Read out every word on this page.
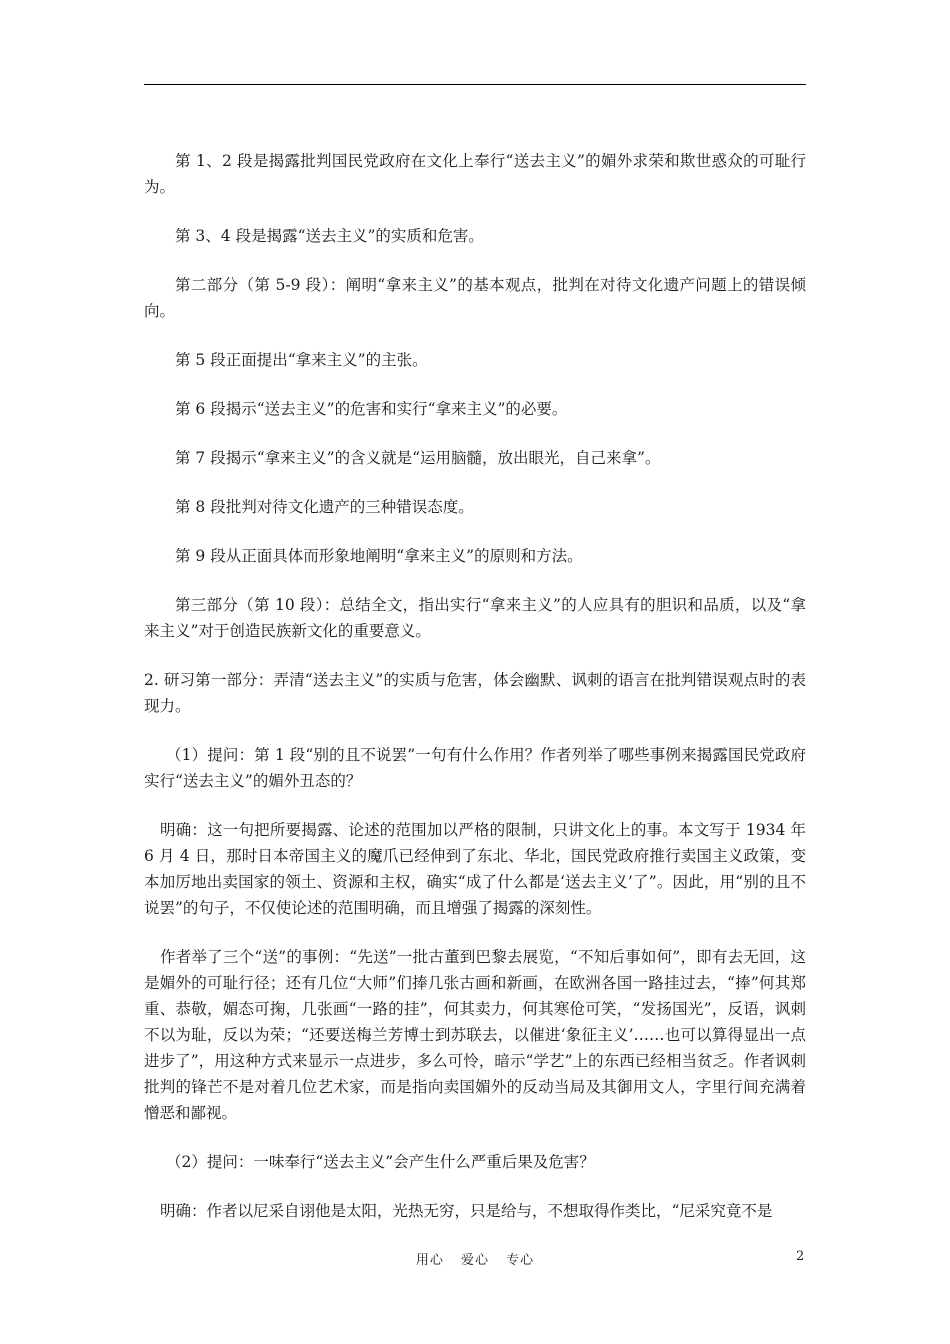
第 1、2 段是揭露批判国民党政府在文化上奉行“送去主义”的媚外求荣和欺世惑众的可耻行为。

第 3、4 段是揭露“送去主义”的实质和危害。

第二部分（第 5-9 段）：阐明“拿来主义”的基本观点，批判在对待文化遗产问题上的错误倾向。

第 5 段正面提出“拿来主义”的主张。

第 6 段揭示“送去主义”的危害和实行“拿来主义”的必要。

第 7 段揭示“拿来主义”的含义就是“运用脑髓，放出眼光，自己来拿”。

第 8 段批判对待文化遗产的三种错误态度。

第 9 段从正面具体而形象地阐明“拿来主义”的原则和方法。

第三部分（第 10 段）：总结全文，指出实行“拿来主义”的人应具有的胆识和品质，以及“拿来主义”对于创造民族新文化的重要意义。

2. 研习第一部分：弄清“送去主义”的实质与危害，体会幽默、讽刺的语言在批判错误观点时的表现力。

（1）提问：第 1 段“别的且不说罢”一句有什么作用？作者列举了哪些事例来揭露国民党政府实行“送去主义”的媚外丑态的？

明确：这一句把所要揭露、论述的范围加以严格的限制，只讲文化上的事。本文写于 1934 年 6 月 4 日，那时日本帝国主义的魔爪已经伸到了东北、华北，国民党政府推行卖国主义政策，变本加厉地出卖国家的领土、资源和主权，确实“成了什么都是‘送去主义’了”。因此，用“别的且不说罢”的句子，不仅使论述的范围明确，而且增强了揭露的深刻性。

作者举了三个“送”的事例：“先送”一批古董到巴黎去展览，“不知后事如何”，即有去无回，这是媚外的可耻行径；还有几位“大师”们捧几张古画和新画，在欧洲各国一路挂过去，“捧”何其郑重、恭敬，媚态可掬，几张画“一路的挂”，何其卖力，何其寒伧可笑，“发扬国光”，反语，讽刺不以为耻，反以为荣；“还要送梅兰芳博士到苏联去，以催进‘象征主义’……也可以算得显出一点进步了”，用这种方式来显示一点进步，多么可怜，暗示“学艺”上的东西已经相当贫乏。作者讽刺批判的锋芒不是对着几位艺术家，而是指向卖国媚外的反动当局及其御用文人，字里行间充满着憎恶和鄙视。

（2）提问：一味奉行“送去主义”会产生什么严重后果及危害？

明确：作者以尼采自诩他是太阳，光热无穷，只是给与，不想取得作类比，“尼采究竟不是

用心 爱心 专心	2
